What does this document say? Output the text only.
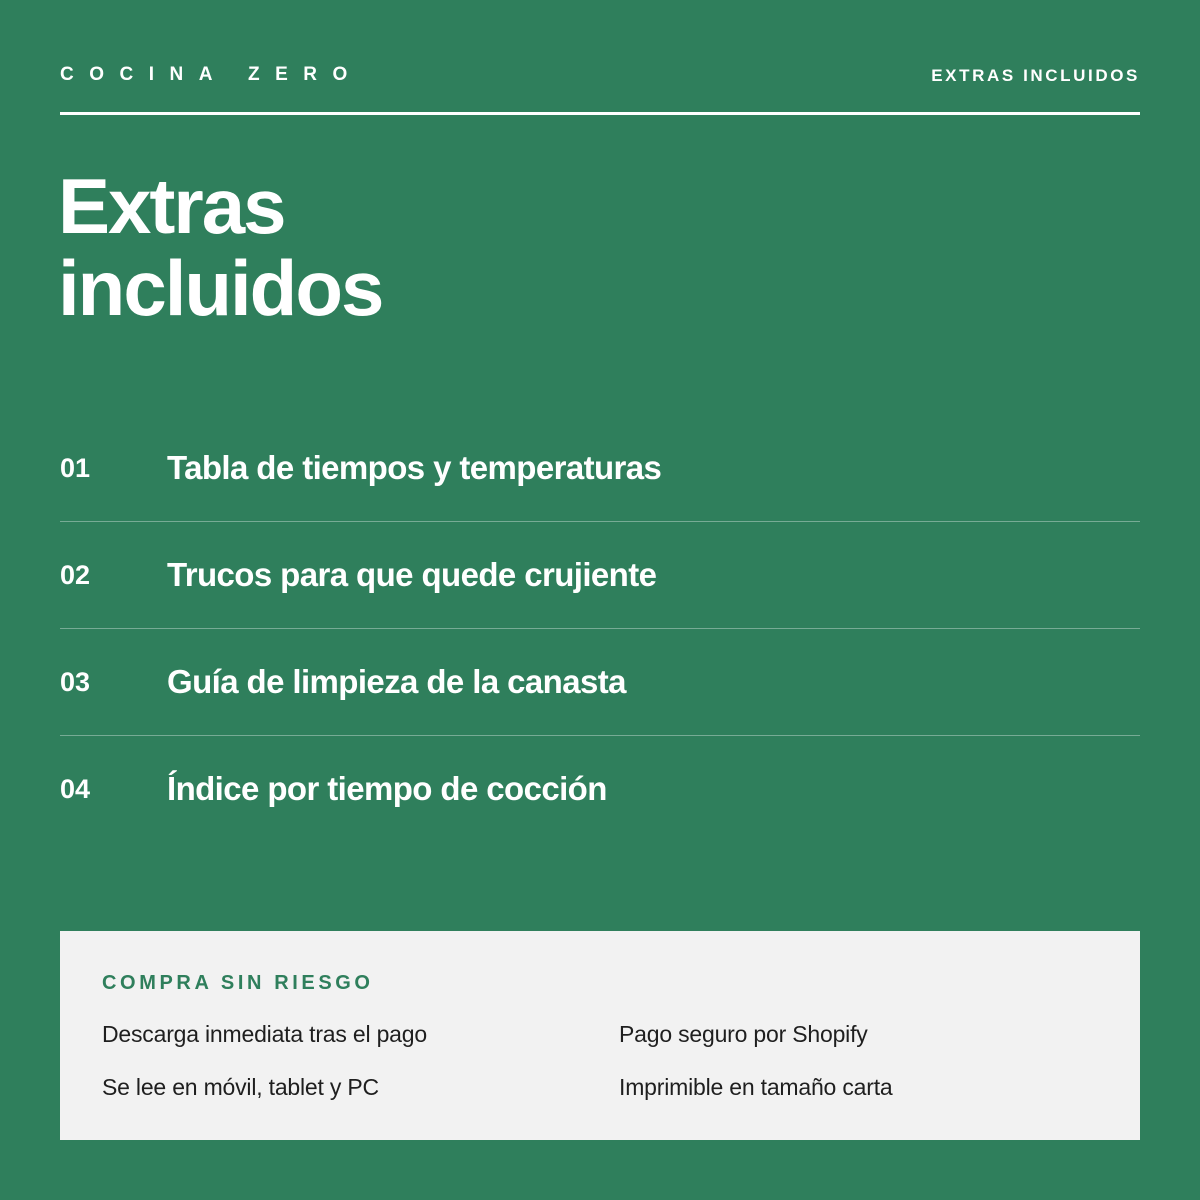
COCINA ZERO	EXTRAS INCLUIDOS
Extras
incluidos
01 Tabla de tiempos y temperaturas
02 Trucos para que quede crujiente
03 Guía de limpieza de la canasta
04 Índice por tiempo de cocción
COMPRA SIN RIESGO
Descarga inmediata tras el pago	Pago seguro por Shopify
Se lee en móvil, tablet y PC	Imprimible en tamaño carta
